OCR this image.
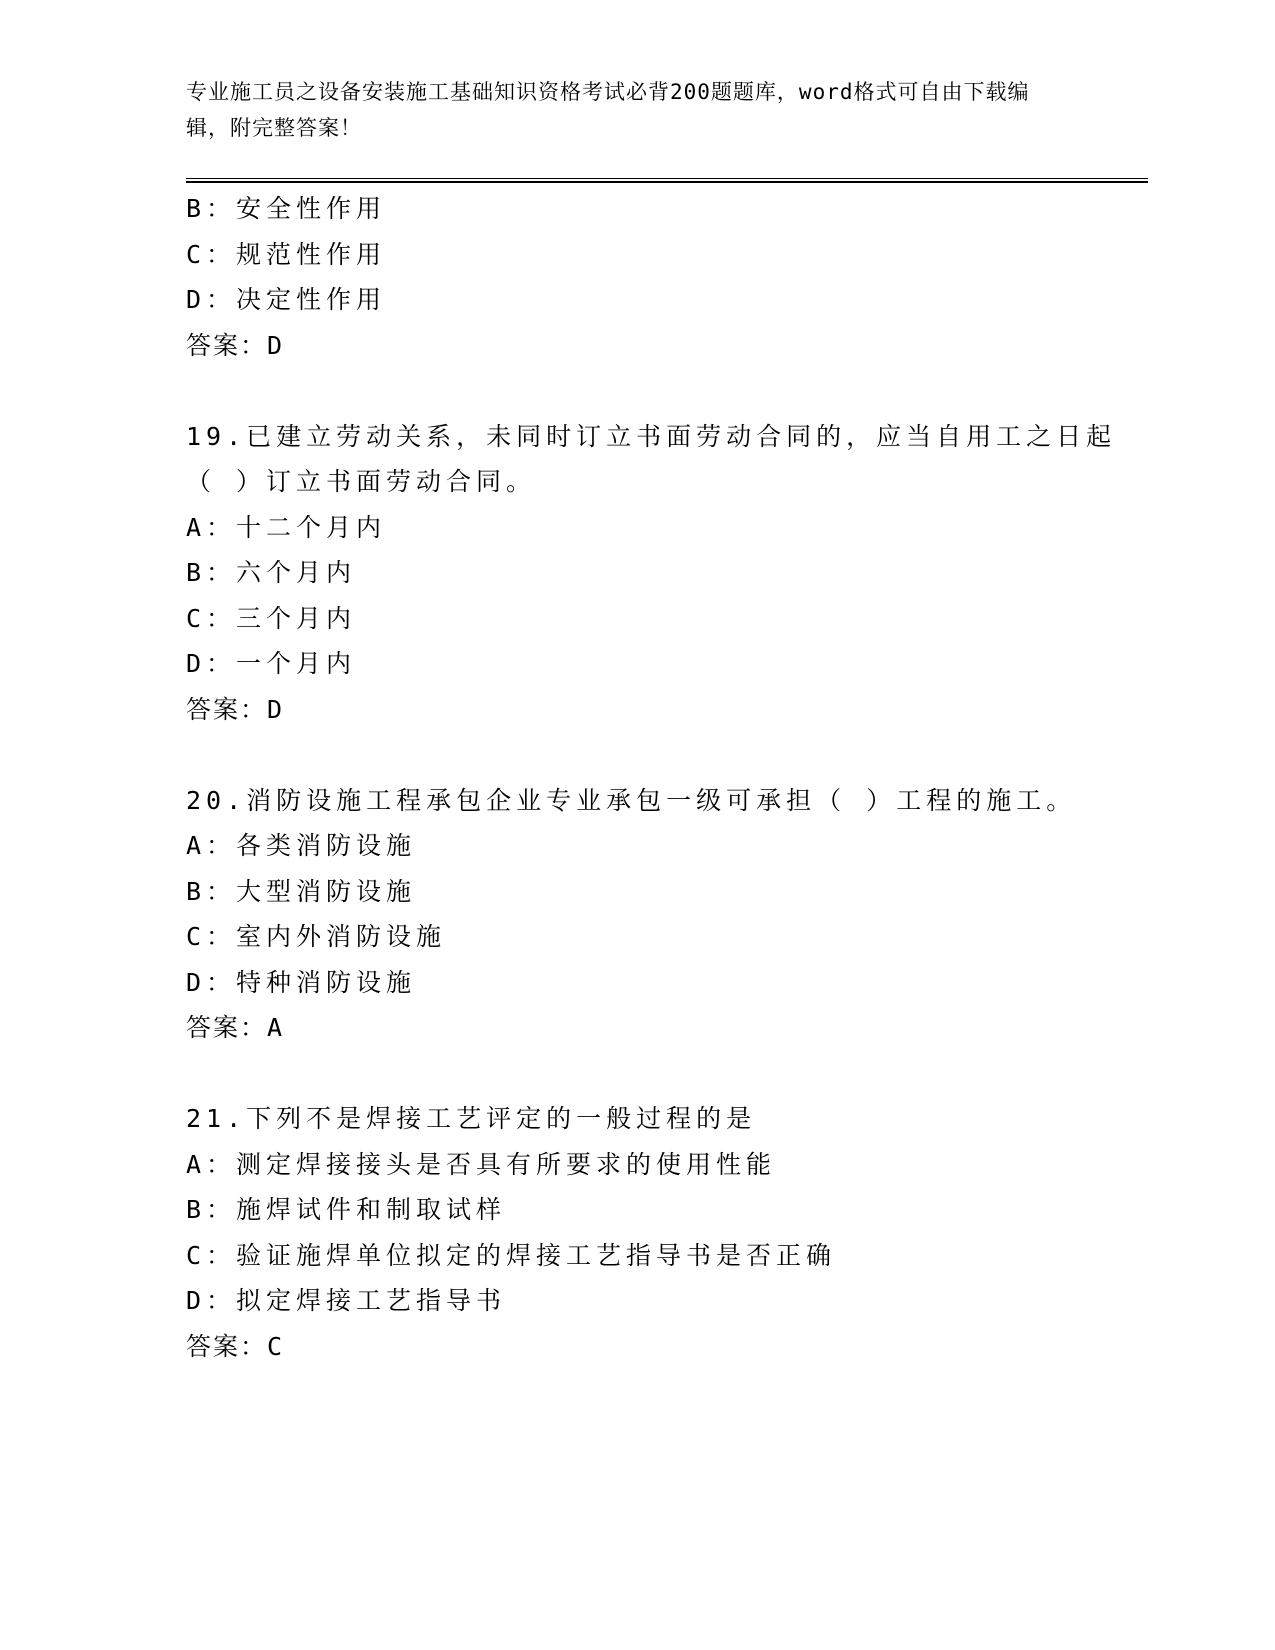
专业施工员之设备安装施工基础知识资格考试必背200题题库，word格式可自由下载编辑，附完整答案！
B：安全性作用
C：规范性作用
D：决定性作用
答案：D
19.已建立劳动关系，未同时订立书面劳动合同的，应当自用工之日起
（ ）订立书面劳动合同。
A：十二个月内
B：六个月内
C：三个月内
D：一个月内
答案：D
20.消防设施工程承包企业专业承包一级可承担（ ）工程的施工。
A：各类消防设施
B：大型消防设施
C：室内外消防设施
D：特种消防设施
答案：A
21.下列不是焊接工艺评定的一般过程的是
A：测定焊接接头是否具有所要求的使用性能
B：施焊试件和制取试样
C：验证施焊单位拟定的焊接工艺指导书是否正确
D：拟定焊接工艺指导书
答案：C
